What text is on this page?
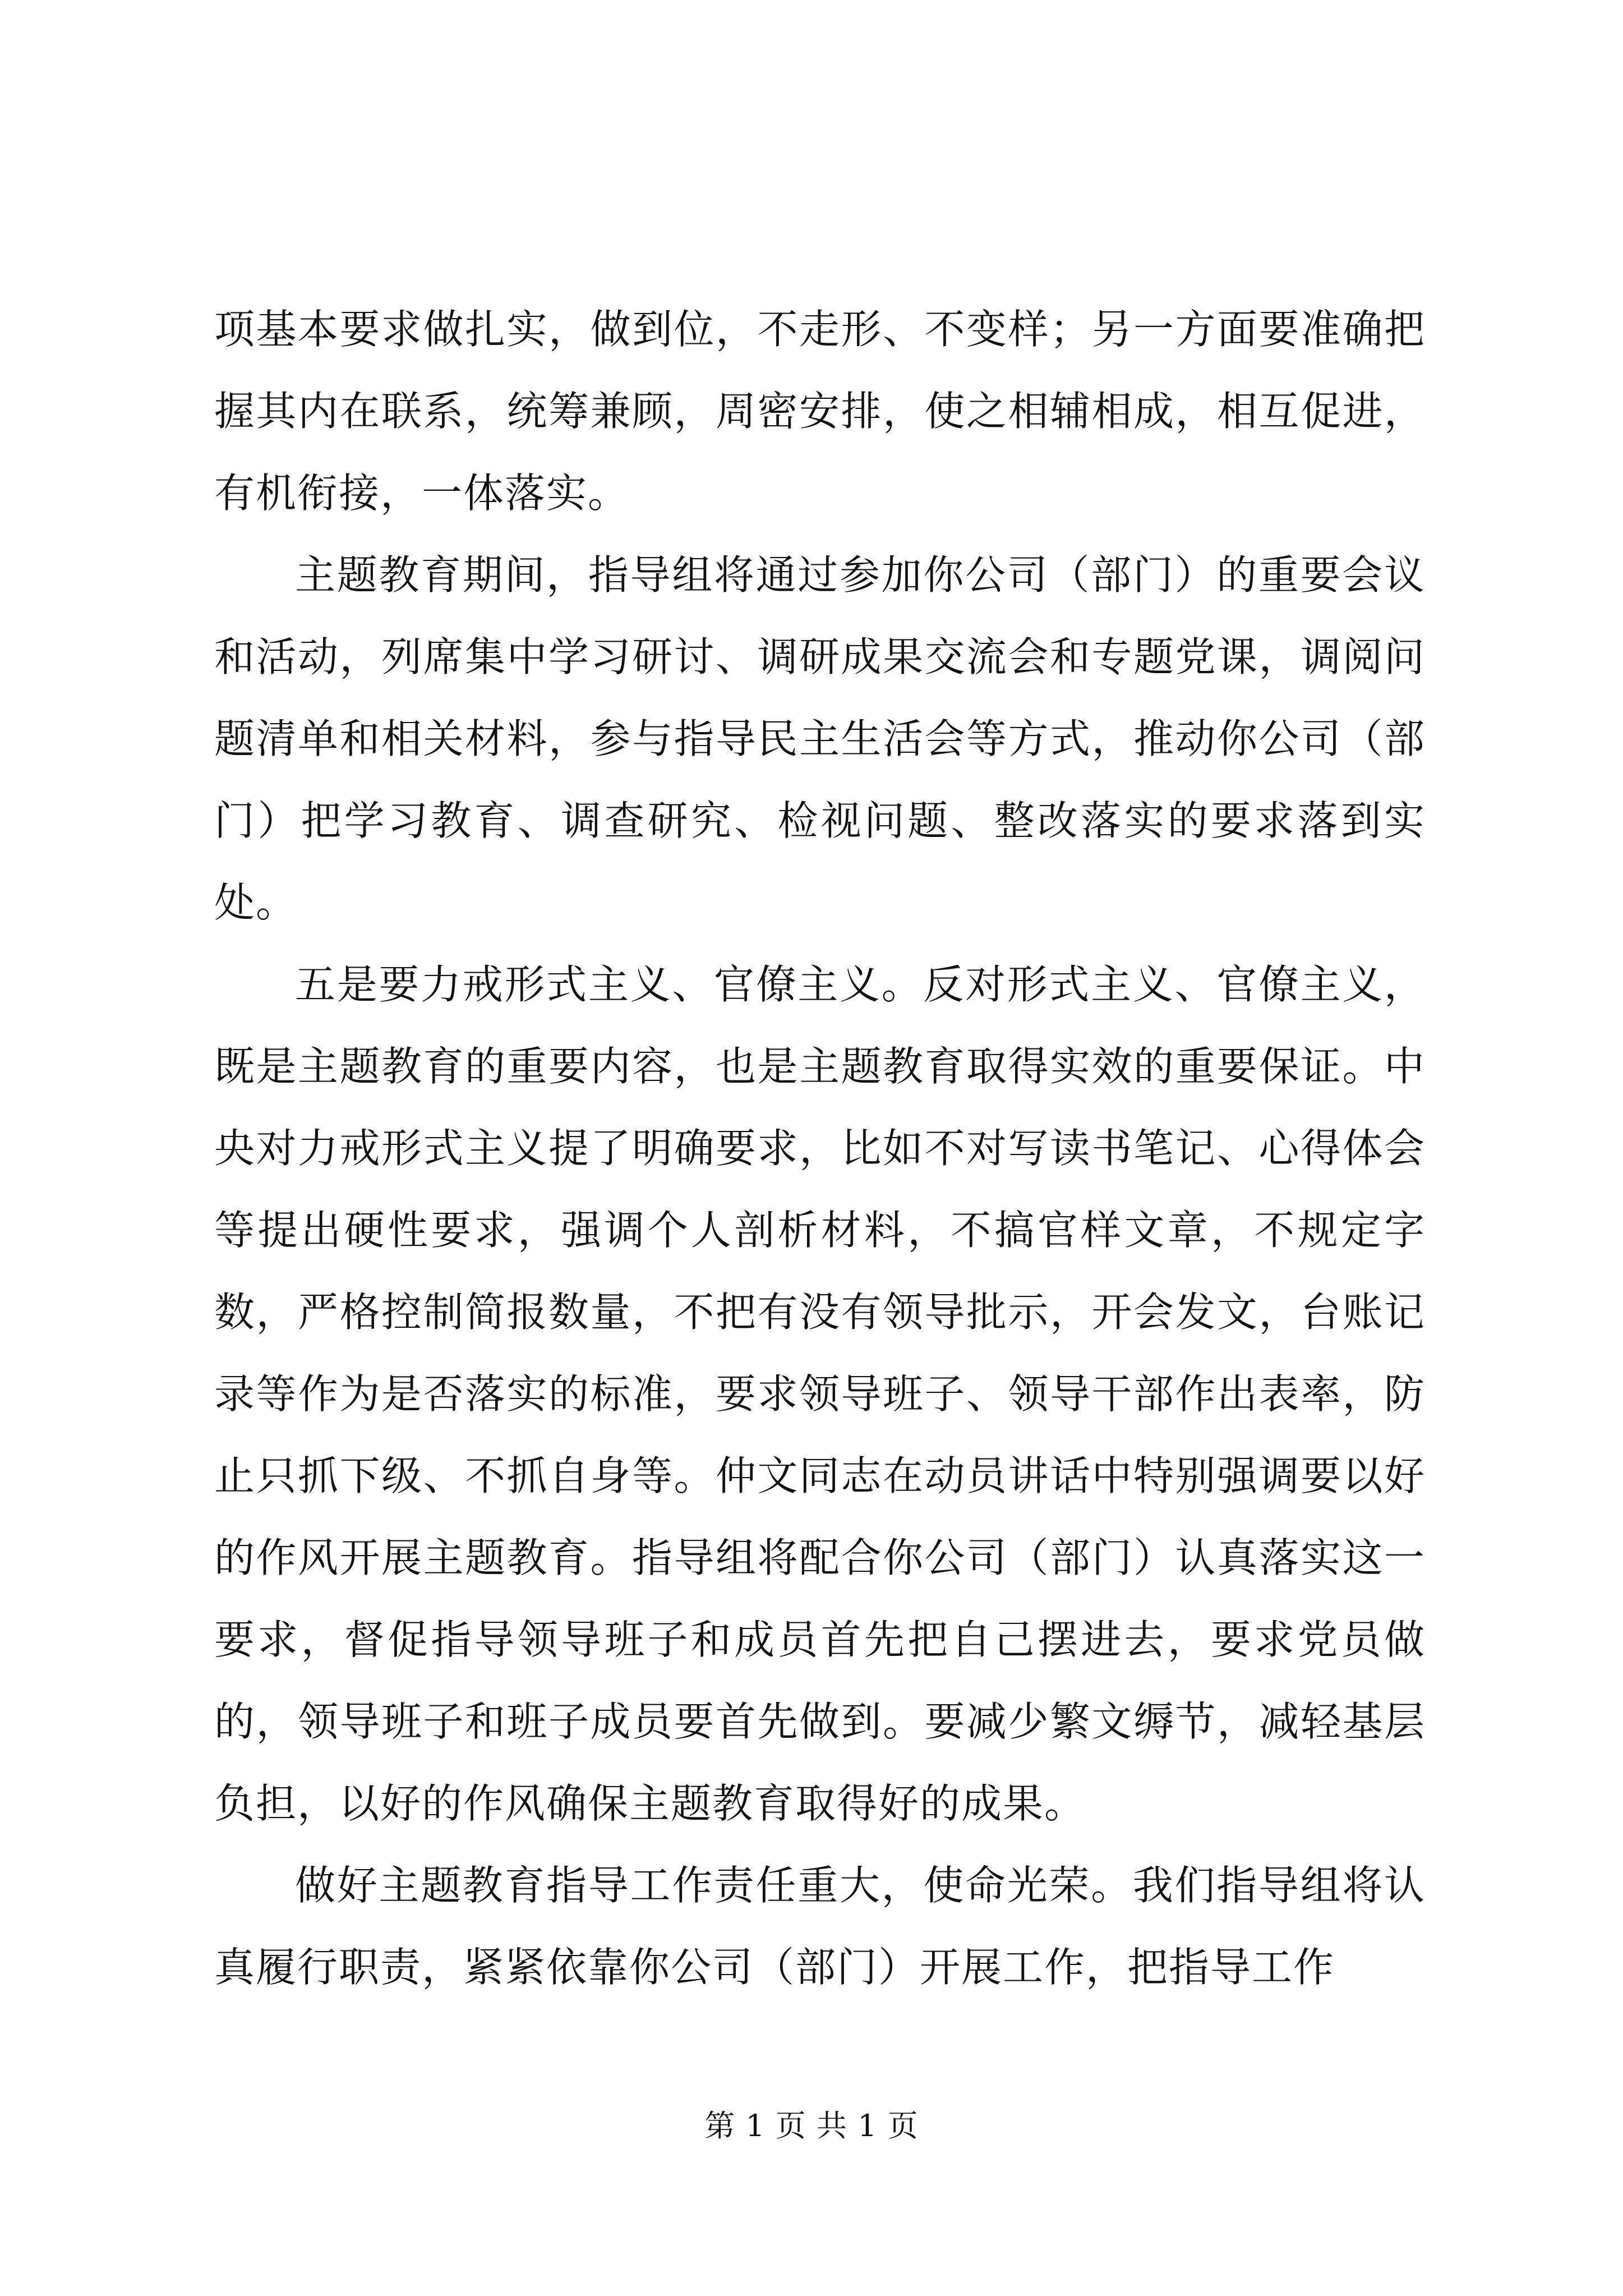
项基本要求做扎实，做到位，不走形、不变样；另一方面要准确把握其内在联系，统筹兼顾，周密安排，使之相辅相成，相互促进，有机衔接，一体落实。

主题教育期间，指导组将通过参加你公司（部门）的重要会议和活动，列席集中学习研讨、调研成果交流会和专题党课，调阅问题清单和相关材料，参与指导民主生活会等方式，推动你公司（部门）把学习教育、调查研究、检视问题、整改落实的要求落到实处。

五是要力戒形式主义、官僚主义。反对形式主义、官僚主义，既是主题教育的重要内容，也是主题教育取得实效的重要保证。中央对力戒形式主义提了明确要求，比如不对写读书笔记、心得体会等提出硬性要求，强调个人剖析材料，不搞官样文章，不规定字数，严格控制简报数量，不把有没有领导批示，开会发文，台账记录等作为是否落实的标准，要求领导班子、领导干部作出表率，防止只抓下级、不抓自身等。仲文同志在动员讲话中特别强调要以好的作风开展主题教育。指导组将配合你公司（部门）认真落实这一要求，督促指导领导班子和成员首先把自己摆进去，要求党员做的，领导班子和班子成员要首先做到。要减少繁文缛节，减轻基层负担，以好的作风确保主题教育取得好的成果。

做好主题教育指导工作责任重大，使命光荣。我们指导组将认真履行职责，紧紧依靠你公司（部门）开展工作，把指导工作

第 1 页 共 1 页
